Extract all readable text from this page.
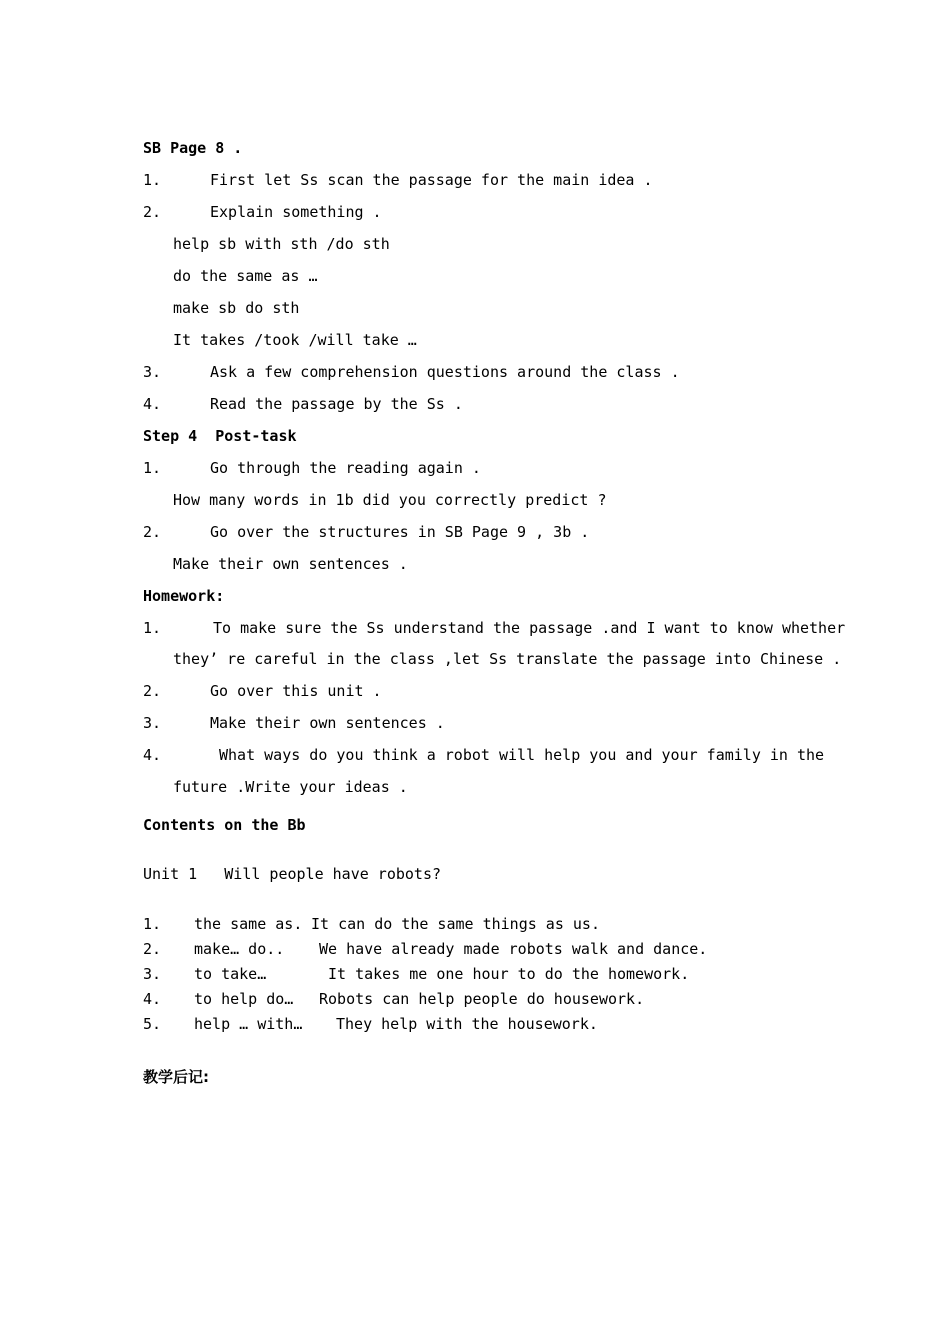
SB Page 8 .
1.	First let Ss scan the passage for the main idea .
2.	Explain something .
help sb with sth /do sth
do the same as …
make sb do sth
It takes /took /will take …
3.	Ask a few comprehension questions around the class .
4.	Read the passage by the Ss .
Step 4  Post-task
1.	Go through the reading again .
How many words in 1b did you correctly predict ?
2.	Go over the structures in SB Page 9 , 3b .
Make their own sentences .
Homework:
1.	To make sure the Ss understand the passage .and I want to know whether
they’ re careful in the class ,let Ss translate the passage into Chinese .
2.	Go over this unit .
3.	Make their own sentences .
4.	What ways do you think a robot will help you and your family in the
future .Write your ideas .
Contents on the Bb
Unit 1   Will people have robots?
1. the same as. It can do the same things as us.
2. make… do.. We have already made robots walk and dance.
3. to take…	It takes me one hour to do the homework.
4. to help do… Robots can help people do housework.
5. help … with… They help with the housework.
教学后记:
